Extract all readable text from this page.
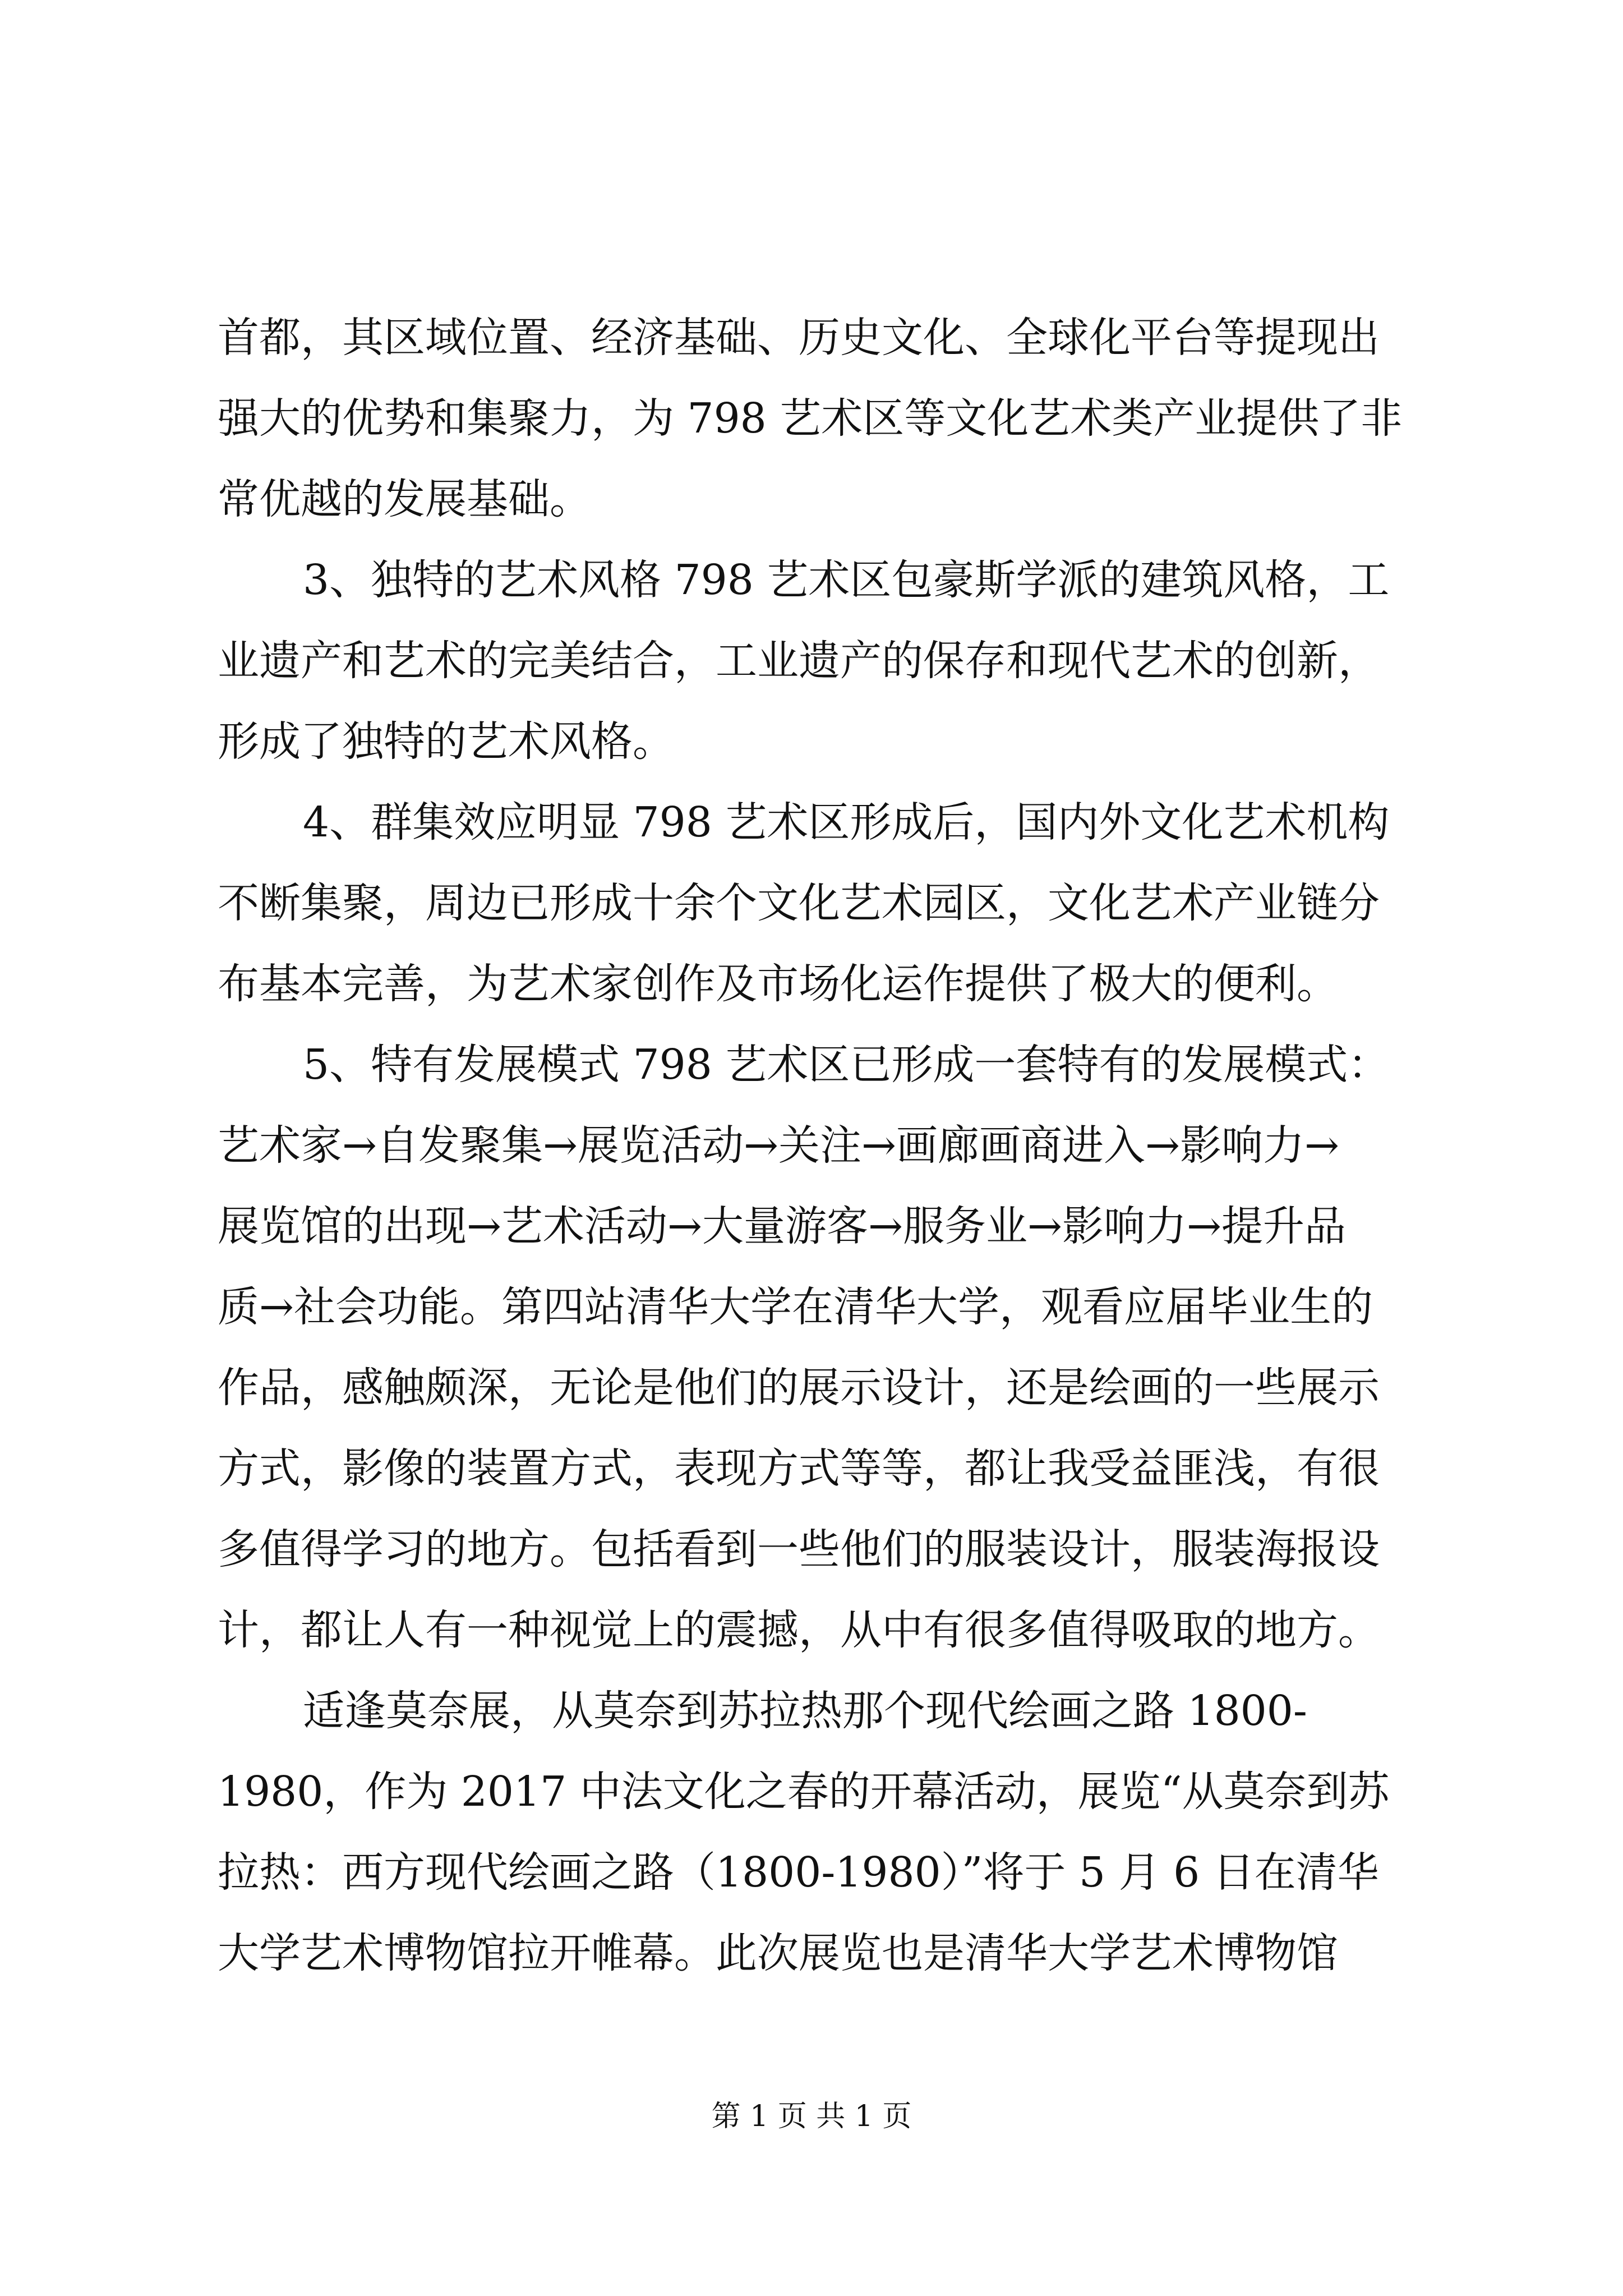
首都，其区域位置、经济基础、历史文化、全球化平台等提现出
强大的优势和集聚力，为 798 艺术区等文化艺术类产业提供了非
常优越的发展基础。
3、独特的艺术风格 798 艺术区包豪斯学派的建筑风格，工
业遗产和艺术的完美结合，工业遗产的保存和现代艺术的创新，
形成了独特的艺术风格。
4、群集效应明显 798 艺术区形成后，国内外文化艺术机构
不断集聚，周边已形成十余个文化艺术园区，文化艺术产业链分
布基本完善，为艺术家创作及市场化运作提供了极大的便利。
5、特有发展模式 798 艺术区已形成一套特有的发展模式：
艺术家→自发聚集→展览活动→关注→画廊画商进入→影响力→
展览馆的出现→艺术活动→大量游客→服务业→影响力→提升品
质→社会功能。第四站清华大学在清华大学，观看应届毕业生的
作品，感触颇深，无论是他们的展示设计，还是绘画的一些展示
方式，影像的装置方式，表现方式等等，都让我受益匪浅，有很
多值得学习的地方。包括看到一些他们的服装设计，服装海报设
计，都让人有一种视觉上的震撼，从中有很多值得吸取的地方。
适逢莫奈展，从莫奈到苏拉热那个现代绘画之路 1800-
1980，作为 2017 中法文化之春的开幕活动，展览“从莫奈到苏
拉热：西方现代绘画之路（1800-1980）”将于 5 月 6 日在清华
大学艺术博物馆拉开帷幕。此次展览也是清华大学艺术博物馆
第 1 页 共 1 页
